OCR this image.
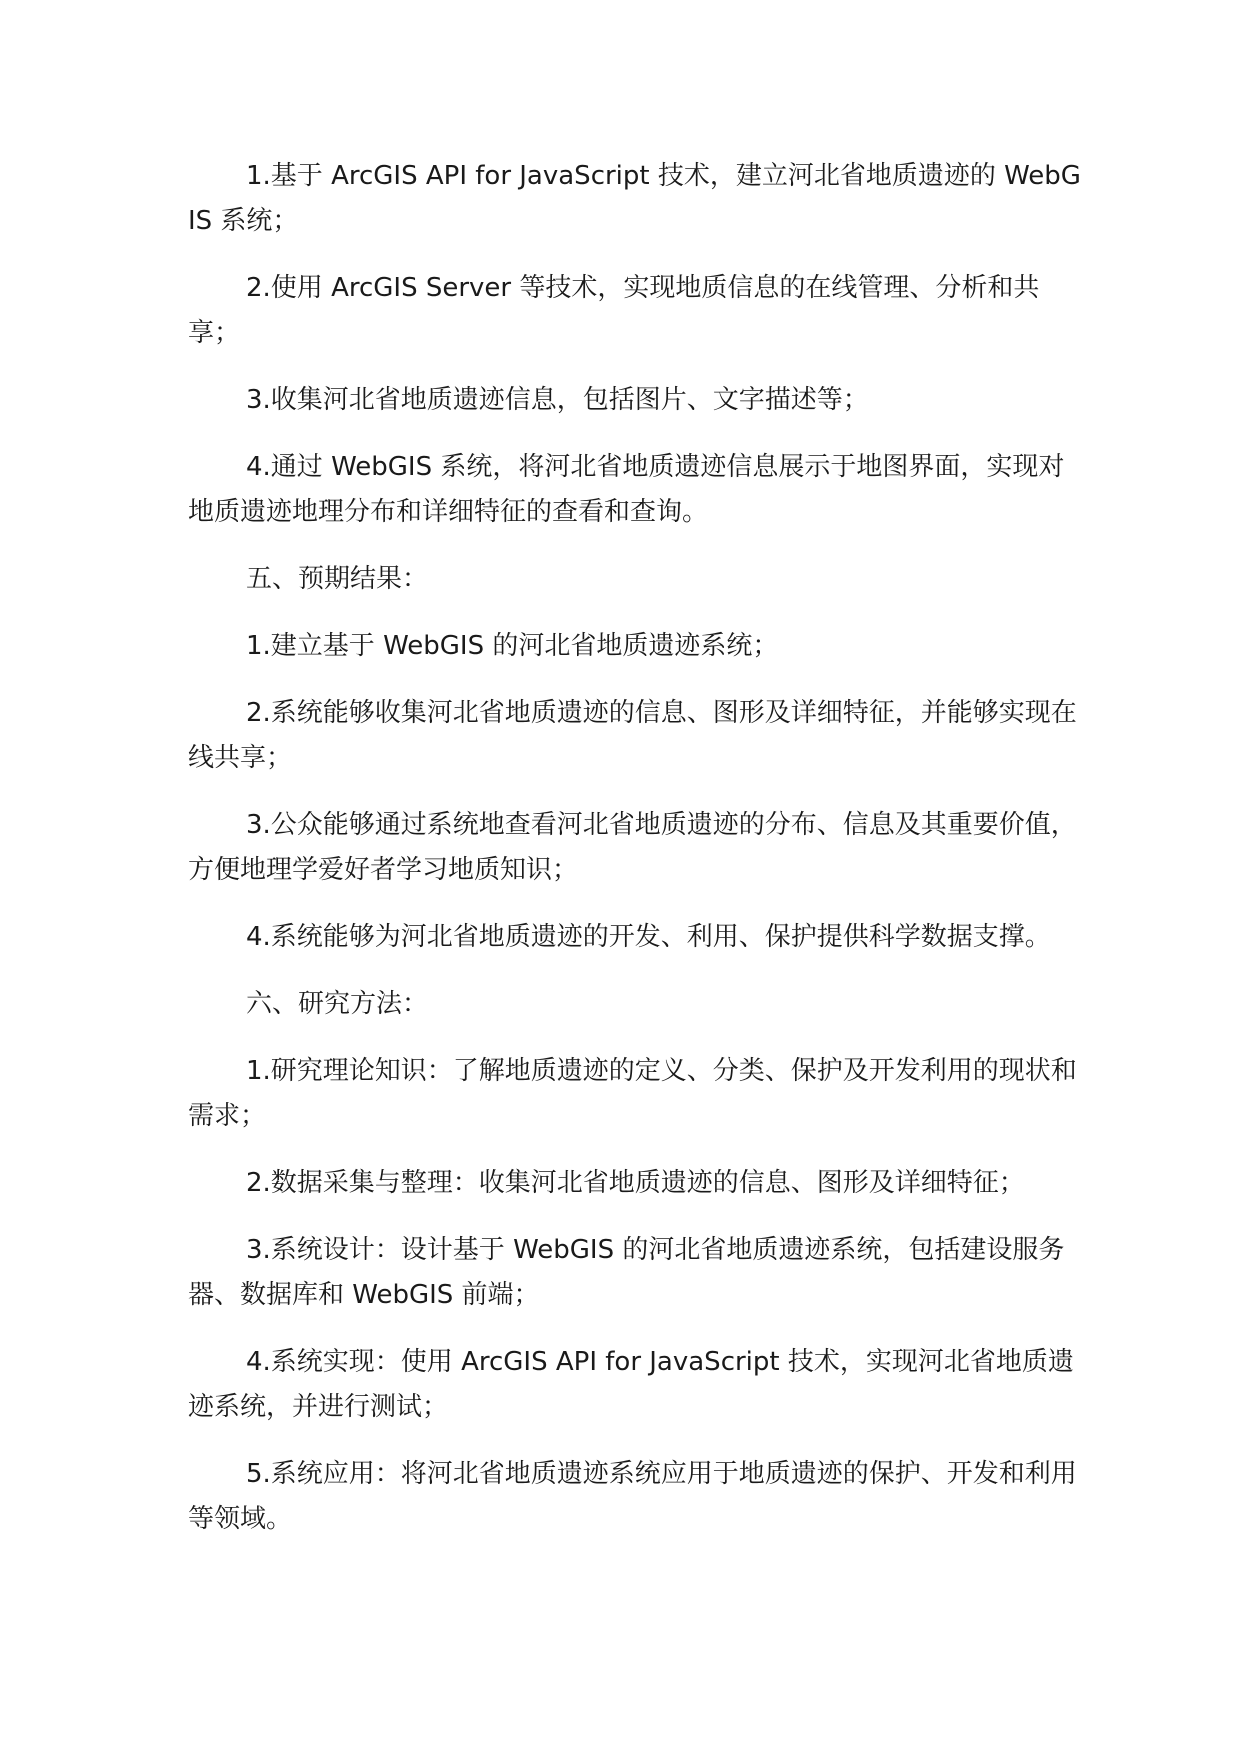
1.基于 ArcGIS API for JavaScript 技术，建立河北省地质遗迹的 WebGIS 系统；

2.使用 ArcGIS Server 等技术，实现地质信息的在线管理、分析和共享；

3.收集河北省地质遗迹信息，包括图片、文字描述等；

4.通过 WebGIS 系统，将河北省地质遗迹信息展示于地图界面，实现对地质遗迹地理分布和详细特征的查看和查询。

五、预期结果：

1.建立基于 WebGIS 的河北省地质遗迹系统；

2.系统能够收集河北省地质遗迹的信息、图形及详细特征，并能够实现在线共享；

3.公众能够通过系统地查看河北省地质遗迹的分布、信息及其重要价值，方便地理学爱好者学习地质知识；

4.系统能够为河北省地质遗迹的开发、利用、保护提供科学数据支撑。

六、研究方法：

1.研究理论知识：了解地质遗迹的定义、分类、保护及开发利用的现状和需求；

2.数据采集与整理：收集河北省地质遗迹的信息、图形及详细特征；

3.系统设计：设计基于 WebGIS 的河北省地质遗迹系统，包括建设服务器、数据库和 WebGIS 前端；

4.系统实现：使用 ArcGIS API for JavaScript 技术，实现河北省地质遗迹系统，并进行测试；

5.系统应用：将河北省地质遗迹系统应用于地质遗迹的保护、开发和利用等领域。
